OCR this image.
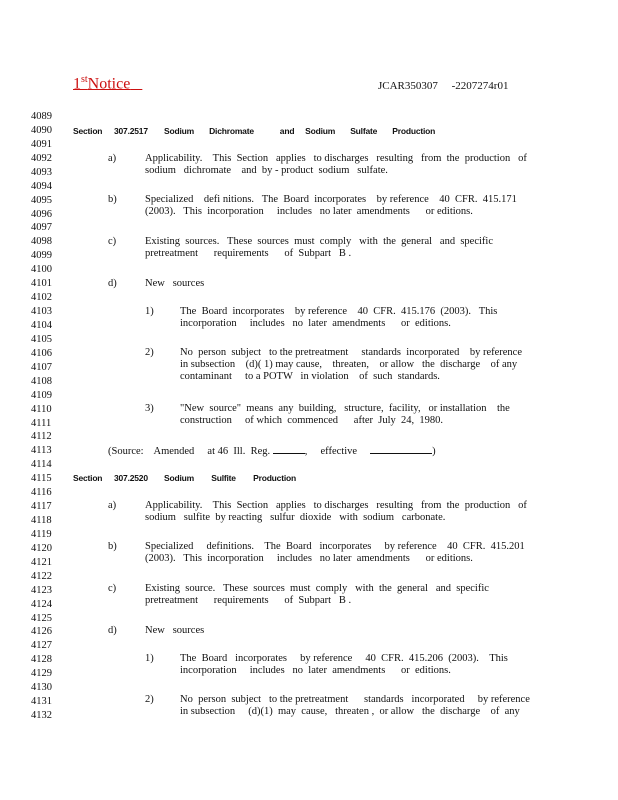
1stNotice	JCAR350307     -2207274r01
4089
4090
4091
4092
4093
4094
4095
4096
4097
4098
4099
4100
4101
4102
4103
4104
4105
4106
4107
4108
4109
4110
4111
4112
4113
4114
4115
4116
4117
4118
4119
4120
4121
4122
4123
4124
4125
4126
4127
4128
4129
4130
4131
4132
Section 307.2517 Sodium       Dichromate            and     Sodium       Sulfate       Production
a)	Applicability.    This  Section   applies   to discharges   resulting   from  the  production   of
sodium   dichromate    and  by - product  sodium   sulfate.
b)	Specialized    defi nitions.   The  Board  incorporates    by reference    40  CFR.  415.171
(2003).   This  incorporation     includes   no later  amendments      or editions.
c)	Existing  sources.   These  sources  must  comply   with  the  general   and  specific
pretreatment      requirements      of  Subpart   B .
d)	New   sources
1)	The  Board  incorporates    by reference    40  CFR.  415.176  (2003).   This
incorporation     includes   no  later  amendments      or  editions.
2)	No  person  subject   to the pretreatment     standards  incorporated    by reference
in subsection    (d)( 1) may cause,    threaten,    or allow   the  discharge    of any
contaminant     to a POTW   in violation    of  such  standards.
3)	"New  source"  means  any  building,   structure,  facility,   or installation    the
construction     of which  commenced      after  July  24,  1980.
(Source:    Amended     at 46  Ill.  Reg.	,     effective	)
Section 307.2520 Sodium        Sulfite        Production
a)	Applicability.    This  Section   applies   to discharges   resulting   from  the  production   of
sodium   sulfite  by reacting   sulfur  dioxide   with  sodium   carbonate.
b)	Specialized     definitions.    The  Board   incorporates     by reference    40  CFR.  415.201
(2003).   This  incorporation     includes   no later  amendments      or editions.
c)	Existing  source.   These  sources  must  comply   with  the  general   and  specific
pretreatment      requirements      of  Subpart   B .
d)	New   sources
1)	The  Board   incorporates     by reference     40  CFR.  415.206  (2003).    This
incorporation     includes   no  later  amendments      or  editions.
2)	No  person  subject   to the pretreatment      standards   incorporated     by reference
in subsection     (d)(1)  may  cause,   threaten ,  or allow   the  discharge    of  any
